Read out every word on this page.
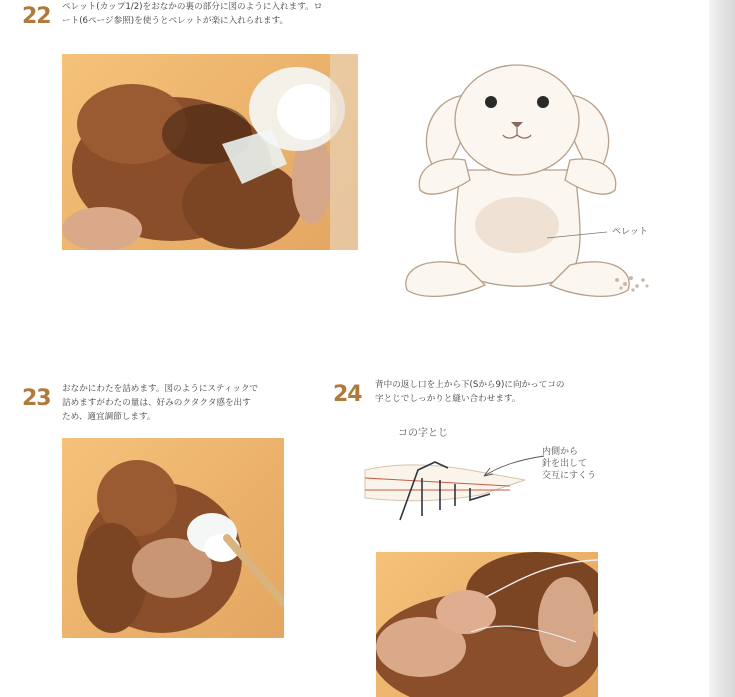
22 ペレット(カップ1/2)をおなかの裏の部分に図のように入れます。ロ
ート(6ページ参照)を使うとペレットが楽に入れられます。
ペレット
23 おなかにわたを詰めます。図のようにスティックで
詰めますがわたの量は、好みのクタクタ感を出す
ため、適宜調節します。
24 背中の返し口を上から下(Sから9)に向かってコの
字とじでしっかりと縫い合わせます。
コの字とじ
内側から
針を出して
交互にすくう
